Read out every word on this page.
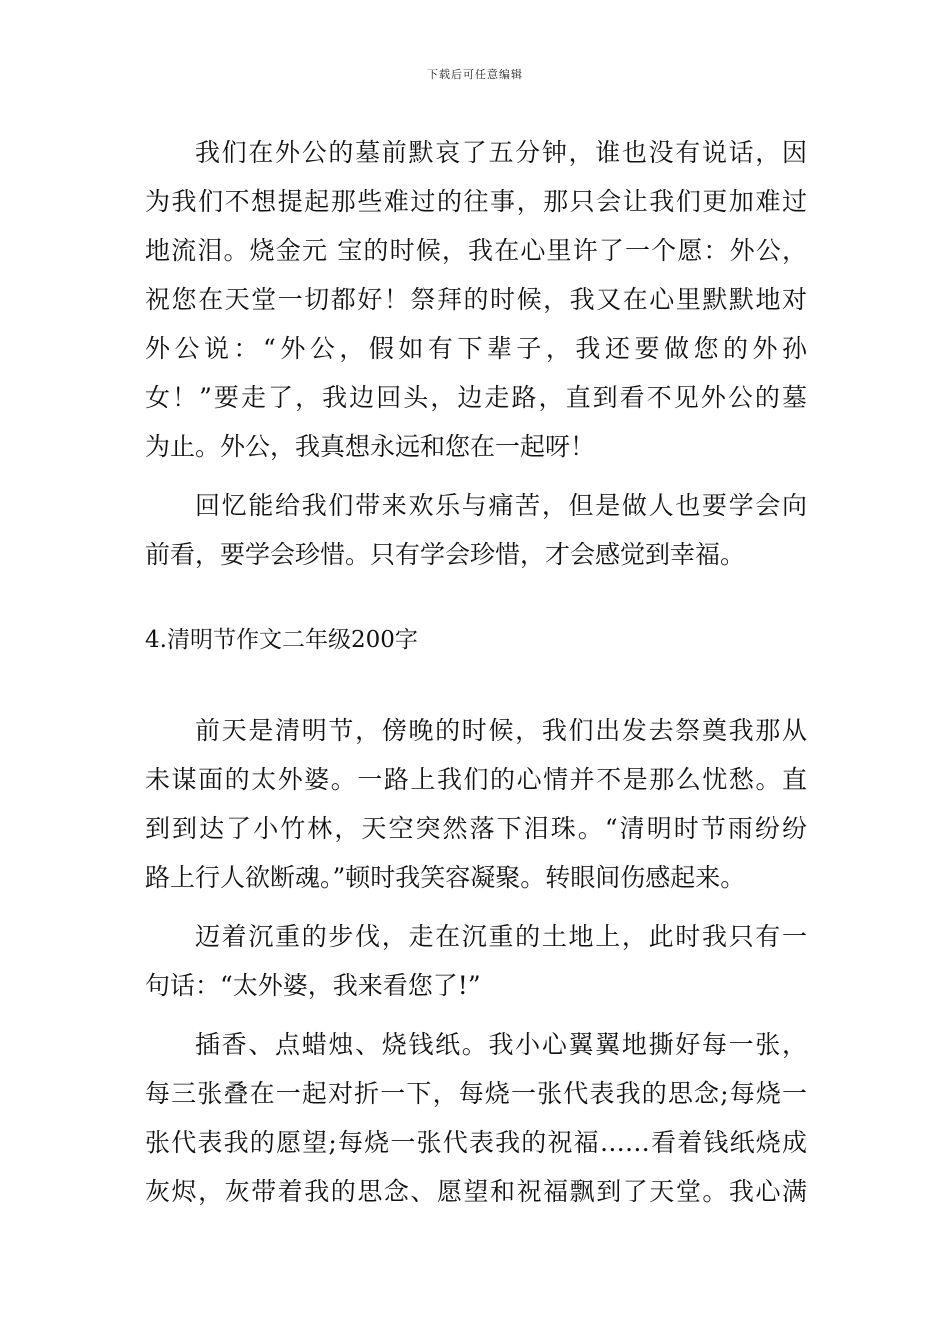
下载后可任意编辑
我们在外公的墓前默哀了五分钟，谁也没有说话，因
为我们不想提起那些难过的往事，那只会让我们更加难过
地流泪。烧金元 宝的时候，我在心里许了一个愿：外公，
祝您在天堂一切都好！祭拜的时候，我又在心里默默地对
外公说：“外公，假如有下辈子，我还要做您的外孙
女！”要走了，我边回头，边走路，直到看不见外公的墓
为止。外公，我真想永远和您在一起呀！
回忆能给我们带来欢乐与痛苦，但是做人也要学会向
前看，要学会珍惜。只有学会珍惜，才会感觉到幸福。
4.清明节作文二年级200字
前天是清明节，傍晚的时候，我们出发去祭奠我那从
未谋面的太外婆。一路上我们的心情并不是那么忧愁。直
到到达了小竹林，天空突然落下泪珠。“清明时节雨纷纷
路上行人欲断魂。”顿时我笑容凝聚。转眼间伤感起来。
迈着沉重的步伐，走在沉重的土地上，此时我只有一
句话：“太外婆，我来看您了!”
插香、点蜡烛、烧钱纸。我小心翼翼地撕好每一张，
每三张叠在一起对折一下，每烧一张代表我的思念;每烧一
张代表我的愿望;每烧一张代表我的祝福……看着钱纸烧成
灰烬，灰带着我的思念、愿望和祝福飘到了天堂。我心满
